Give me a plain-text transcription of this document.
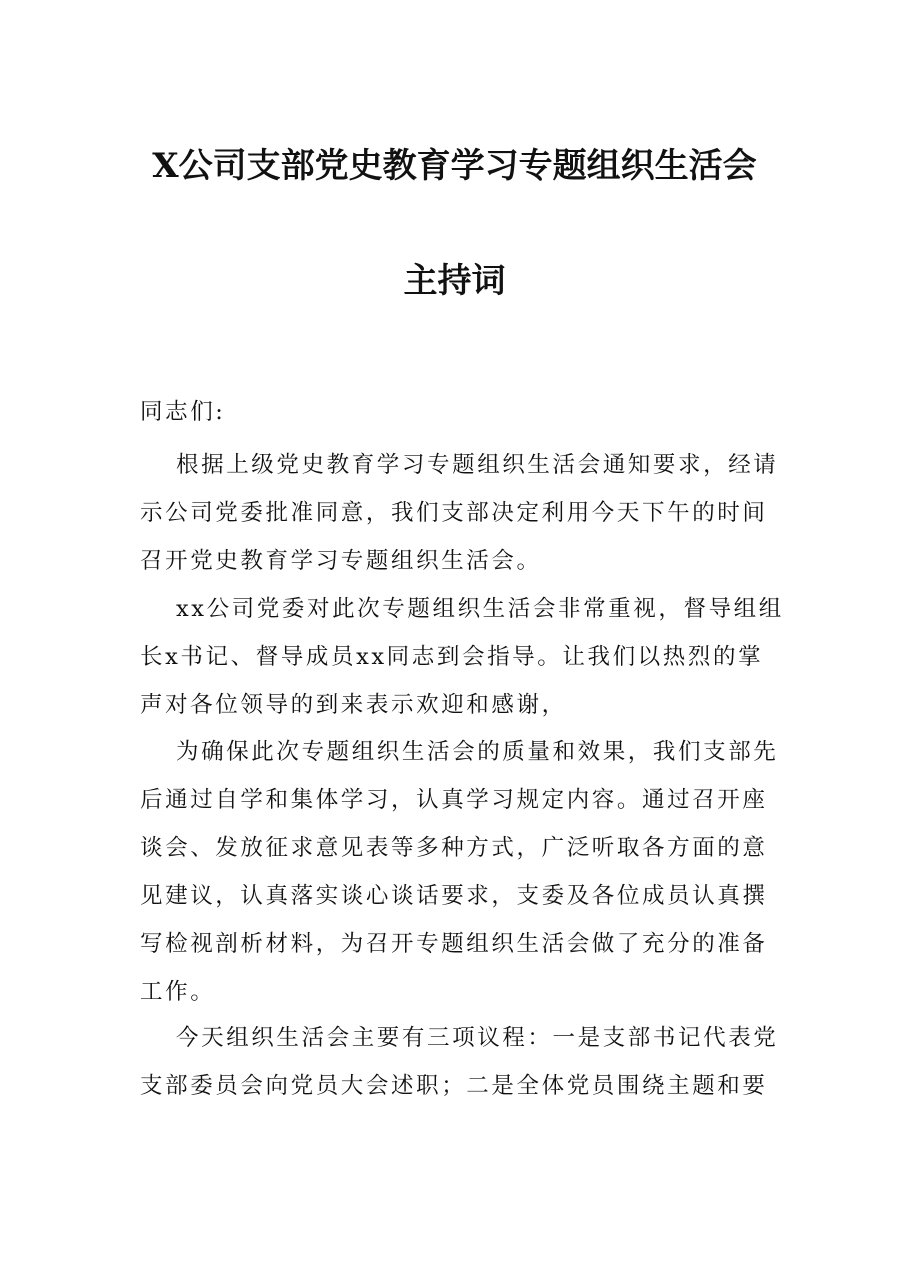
X公司支部党史教育学习专题组织生活会
主持词
同志们:
根据上级党史教育学习专题组织生活会通知要求，经请
示公司党委批准同意，我们支部决定利用今天下午的时间
召开党史教育学习专题组织生活会。
xx公司党委对此次专题组织生活会非常重视，督导组组
长x书记、督导成员xx同志到会指导。让我们以热烈的掌
声对各位领导的到来表示欢迎和感谢，
为确保此次专题组织生活会的质量和效果，我们支部先
后通过自学和集体学习，认真学习规定内容。通过召开座
谈会、发放征求意见表等多种方式，广泛听取各方面的意
见建议，认真落实谈心谈话要求，支委及各位成员认真撰
写检视剖析材料，为召开专题组织生活会做了充分的准备
工作。
今天组织生活会主要有三项议程：一是支部书记代表党
支部委员会向党员大会述职；二是全体党员围绕主题和要
